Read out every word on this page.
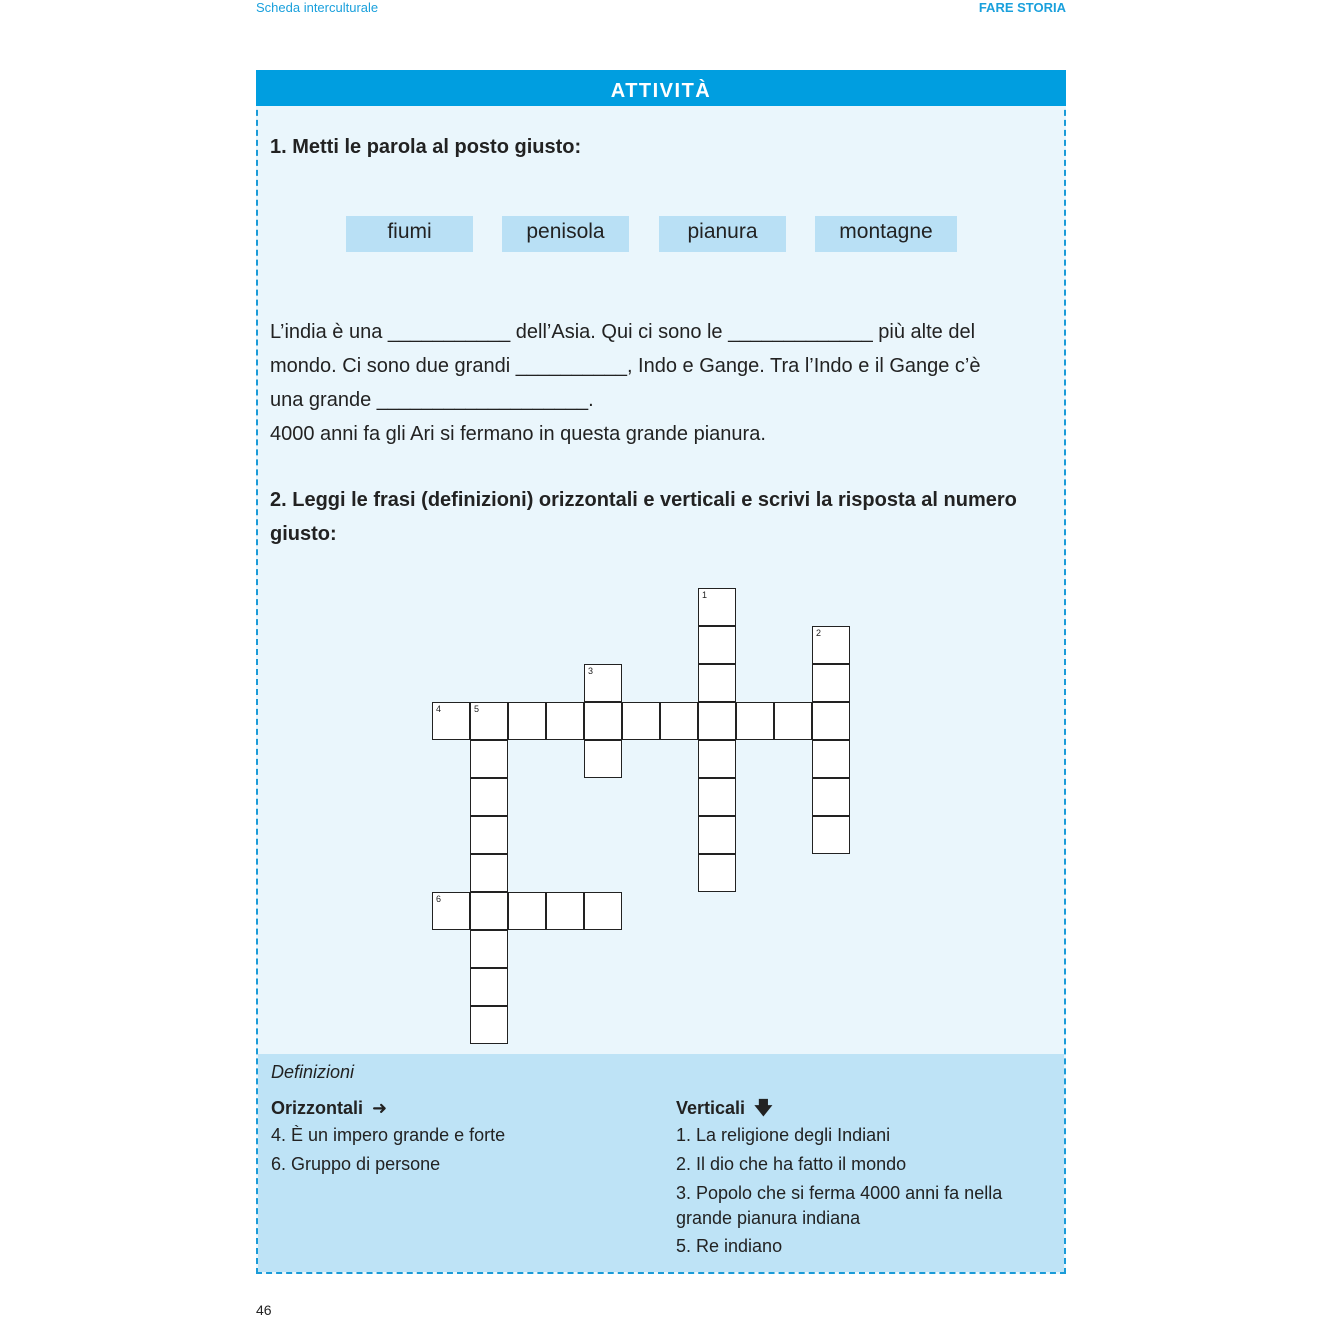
Scheda interculturale	FARE STORIA
ATTIVITÀ
1. Metti le parola al posto giusto:
fiumi	penisola	pianura	montagne
L’india è una ___________ dell’Asia. Qui ci sono le _____________ più alte del
mondo. Ci sono due grandi __________, Indo e Gange. Tra l’Indo e il Gange c’è
una grande ___________________.
4000 anni fa gli Ari si fermano in questa grande pianura.
2. Leggi le frasi (definizioni) orizzontali e verticali e scrivi la risposta al numero giusto:
4	5
1
2
3
6
Definizioni
Orizzontali ➜
4. È un impero grande e forte
6. Gruppo di persone
Verticali 🡇
1. La religione degli Indiani
2. Il dio che ha fatto il mondo
3. Popolo che si ferma 4000 anni fa nella grande pianura indiana
5. Re indiano
46
